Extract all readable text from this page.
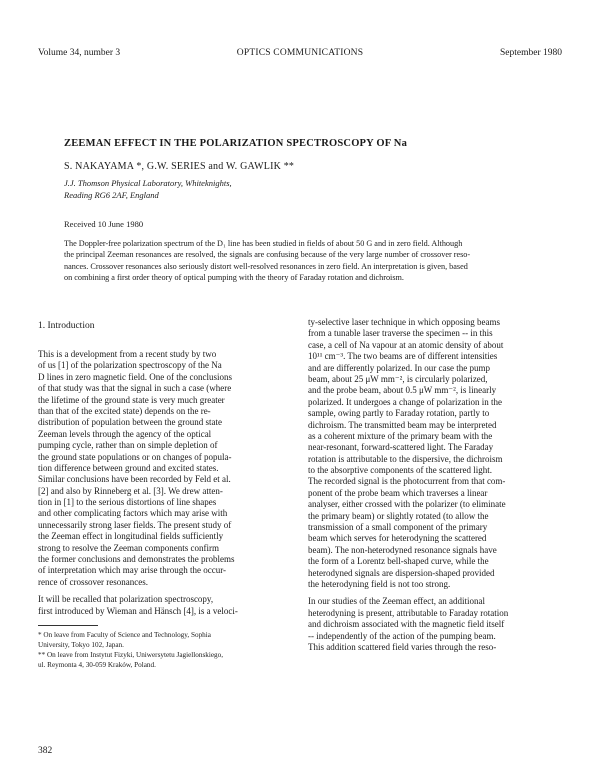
Volume 34, number 3	OPTICS COMMUNICATIONS	September 1980
ZEEMAN EFFECT IN THE POLARIZATION SPECTROSCOPY OF Na
S. NAKAYAMA *, G.W. SERIES and W. GAWLIK **
J.J. Thomson Physical Laboratory, Whiteknights,
Reading RG6 2AF, England
Received 10 June 1980
The Doppler-free polarization spectrum of the D₁ line has been studied in fields of about 50 G and in zero field. Although
the principal Zeeman resonances are resolved, the signals are confusing because of the very large number of crossover reso-
nances. Crossover resonances also seriously distort well-resolved resonances in zero field. An interpretation is given, based
on combining a first order theory of optical pumping with the theory of Faraday rotation and dichroism.
1. Introduction
This is a development from a recent study by two
of us [1] of the polarization spectroscopy of the Na
D lines in zero magnetic field. One of the conclusions
of that study was that the signal in such a case (where
the lifetime of the ground state is very much greater
than that of the excited state) depends on the re-
distribution of population between the ground state
Zeeman levels through the agency of the optical
pumping cycle, rather than on simple depletion of
the ground state populations or on changes of popula-
tion difference between ground and excited states.
Similar conclusions have been recorded by Feld et al.
[2] and also by Rinneberg et al. [3]. We drew atten-
tion in [1] to the serious distortions of line shapes
and other complicating factors which may arise with
unnecessarily strong laser fields. The present study of
the Zeeman effect in longitudinal fields sufficiently
strong to resolve the Zeeman components confirm
the former conclusions and demonstrates the problems
of interpretation which may arise through the occur-
rence of crossover resonances.
It will be recalled that polarization spectroscopy,
first introduced by Wieman and Hänsch [4], is a veloci-
* On leave from Faculty of Science and Technology, Sophia
University, Tokyo 102, Japan.
** On leave from Instytut Fizyki, Uniwersytetu Jagiellonskiego,
ul. Reymonta 4, 30-059 Kraków, Poland.
ty-selective laser technique in which opposing beams
from a tunable laser traverse the specimen -- in this
case, a cell of Na vapour at an atomic density of about
10¹¹ cm⁻³. The two beams are of different intensities
and are differently polarized. In our case the pump
beam, about 25 μW mm⁻², is circularly polarized,
and the probe beam, about 0.5 μW mm⁻², is linearly
polarized. It undergoes a change of polarization in the
sample, owing partly to Faraday rotation, partly to
dichroism. The transmitted beam may be interpreted
as a coherent mixture of the primary beam with the
near-resonant, forward-scattered light. The Faraday
rotation is attributable to the dispersive, the dichroism
to the absorptive components of the scattered light.
The recorded signal is the photocurrent from that com-
ponent of the probe beam which traverses a linear
analyser, either crossed with the polarizer (to eliminate
the primary beam) or slightly rotated (to allow the
transmission of a small component of the primary
beam which serves for heterodyning the scattered
beam). The non-heterodyned resonance signals have
the form of a Lorentz bell-shaped curve, while the
heterodyned signals are dispersion-shaped provided
the heterodyning field is not too strong.
In our studies of the Zeeman effect, an additional
heterodyning is present, attributable to Faraday rotation
and dichroism associated with the magnetic field itself
-- independently of the action of the pumping beam.
This addition scattered field varies through the reso-
382
